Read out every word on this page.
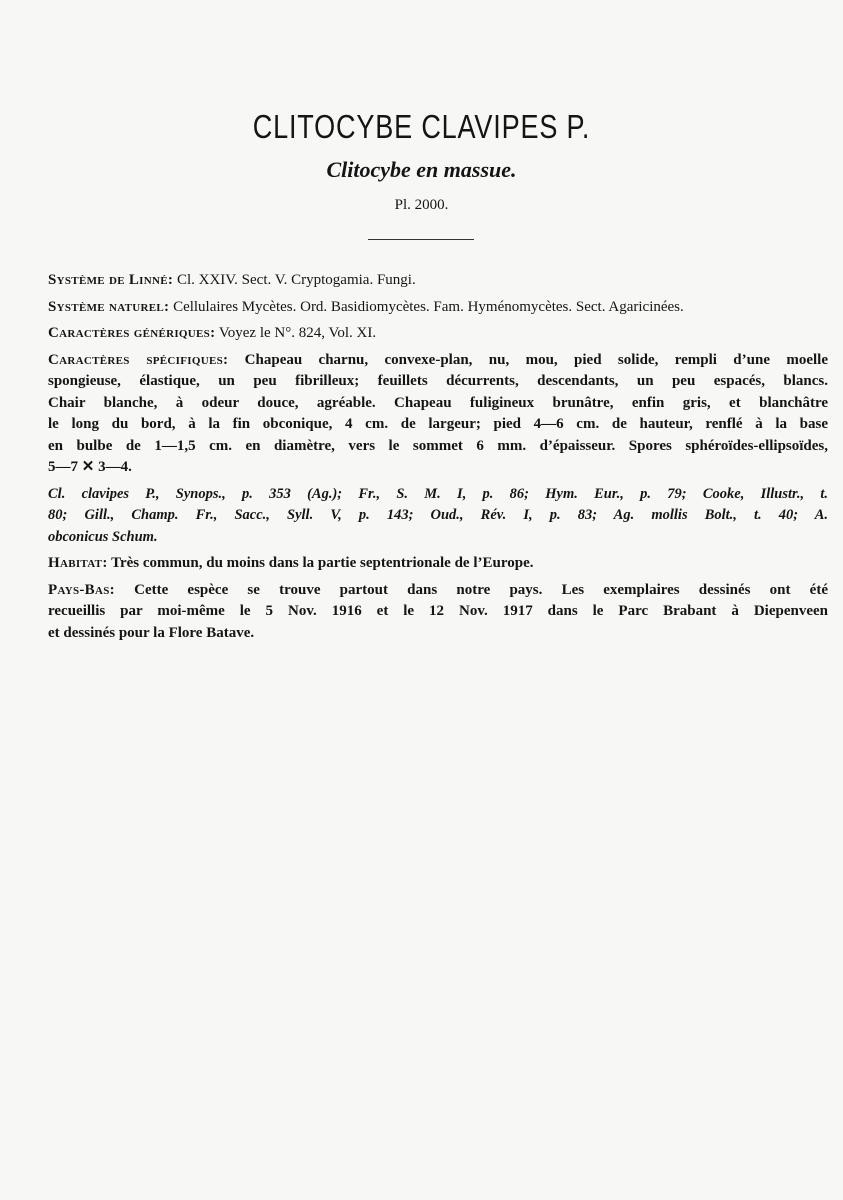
CLITOCYBE CLAVIPES P.
Clitocybe en massue.
Pl. 2000.

Système de Linné: Cl. XXIV. Sect. V. Cryptogamia. Fungi.

Système naturel: Cellulaires Mycètes. Ord. Basidiomycètes. Fam. Hyménomycètes. Sect. Agaricinées.

Caractères génériques: Voyez le N°. 824, Vol. XI.

Caractères spécifiques: Chapeau charnu, convexe-plan, nu, mou, pied solide, rempli d’une moelle
spongieuse, élastique, un peu fibrilleux; feuillets décurrents, descendants, un peu espacés, blancs.
Chair blanche, à odeur douce, agréable. Chapeau fuligineux brunâtre, enfin gris, et blanchâtre
le long du bord, à la fin obconique, 4 cm. de largeur; pied 4—6 cm. de hauteur, renflé à la base
en bulbe de 1—1,5 cm. en diamètre, vers le sommet 6 mm. d’épaisseur. Spores sphéroïdes-ellipsoïdes,
5—7 ✕ 3—4.

Cl. clavipes P., Synops., p. 353 (Ag.); Fr., S. M. I, p. 86; Hym. Eur., p. 79; Cooke, Illustr., t.
80; Gill., Champ. Fr., Sacc., Syll. V, p. 143; Oud., Rév. I, p. 83; Ag. mollis Bolt., t. 40; A.
obconicus Schum.

Habitat: Très commun, du moins dans la partie septentrionale de l’Europe.

Pays-Bas: Cette espèce se trouve partout dans notre pays. Les exemplaires dessinés ont été
recueillis par moi-même le 5 Nov. 1916 et le 12 Nov. 1917 dans le Parc Brabant à Diepenveen
et dessinés pour la Flore Batave.
